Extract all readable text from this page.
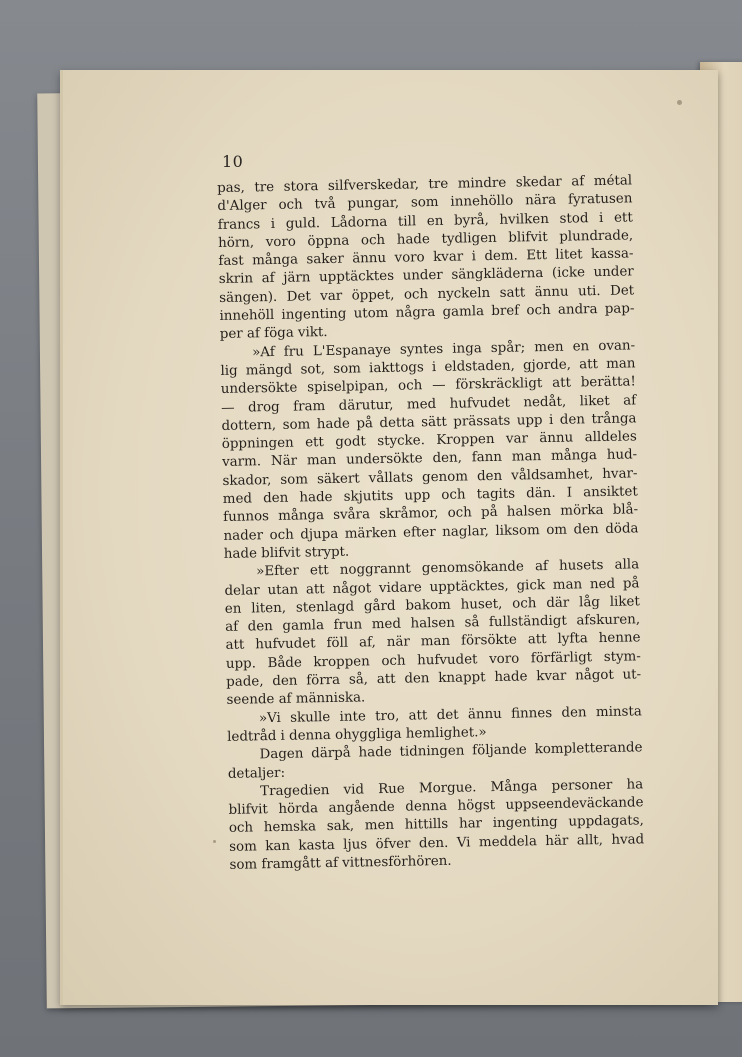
10
pas, tre stora silfverskedar, tre mindre skedar af métal
d'Alger och två pungar, som innehöllo nära fyratusen
francs i guld. Lådorna till en byrå, hvilken stod i ett
hörn, voro öppna och hade tydligen blifvit plundrade,
fast många saker ännu voro kvar i dem. Ett litet kassa-
skrin af järn upptäcktes under sängkläderna (icke under
sängen). Det var öppet, och nyckeln satt ännu uti. Det
innehöll ingenting utom några gamla bref och andra pap-
per af föga vikt.
»Af fru L'Espanaye syntes inga spår; men en ovan-
lig mängd sot, som iakttogs i eldstaden, gjorde, att man
undersökte spiselpipan, och — förskräckligt att berätta!
— drog fram därutur, med hufvudet nedåt, liket af
dottern, som hade på detta sätt prässats upp i den trånga
öppningen ett godt stycke. Kroppen var ännu alldeles
varm. När man undersökte den, fann man många hud-
skador, som säkert vållats genom den våldsamhet, hvar-
med den hade skjutits upp och tagits dän. I ansiktet
funnos många svåra skråmor, och på halsen mörka blå-
nader och djupa märken efter naglar, liksom om den döda
hade blifvit strypt.
»Efter ett noggrannt genomsökande af husets alla
delar utan att något vidare upptäcktes, gick man ned på
en liten, stenlagd gård bakom huset, och där låg liket
af den gamla frun med halsen så fullständigt afskuren,
att hufvudet föll af, när man försökte att lyfta henne
upp. Både kroppen och hufvudet voro förfärligt stym-
pade, den förra så, att den knappt hade kvar något ut-
seende af människa.
»Vi skulle inte tro, att det ännu finnes den minsta
ledtråd i denna ohyggliga hemlighet.»
Dagen därpå hade tidningen följande kompletterande
detaljer:
Tragedien vid Rue Morgue. Många personer ha
blifvit hörda angående denna högst uppseendeväckande
och hemska sak, men hittills har ingenting uppdagats,
som kan kasta ljus öfver den. Vi meddela här allt, hvad
som framgått af vittnesförhören.
